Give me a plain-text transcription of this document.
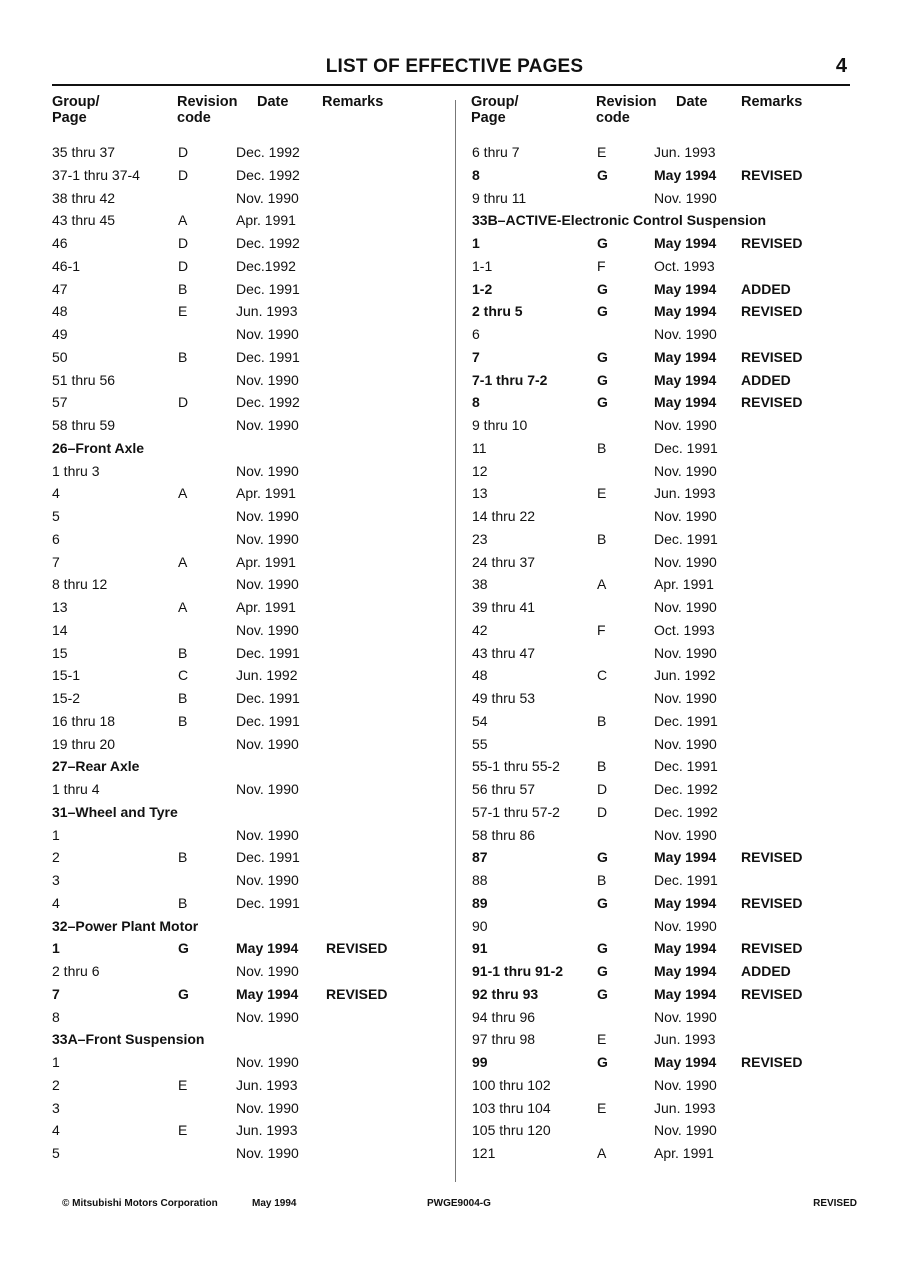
LIST OF EFFECTIVE PAGES	4
Group/
Page
Revision
code
Date Remarks	Group/
Page
Revision
code
Date Remarks
35 thru 37	D	Dec. 1992
37-1 thru 37-4	D	Dec. 1992
38 thru 42	Nov. 1990
43 thru 45	A	Apr. 1991
46	D	Dec. 1992
46-1	D	Dec.1992
47	B	Dec. 1991
48	E	Jun. 1993
49	Nov. 1990
50	B	Dec. 1991
51 thru 56	Nov. 1990
57	D	Dec. 1992
58 thru 59	Nov. 1990
26–Front Axle
1 thru 3	Nov. 1990
4	A	Apr. 1991
5	Nov. 1990
6	Nov. 1990
7	A	Apr. 1991
8 thru 12	Nov. 1990
13	A	Apr. 1991
14	Nov. 1990
15	B	Dec. 1991
15-1	C	Jun. 1992
15-2	B	Dec. 1991
16 thru 18	B	Dec. 1991
19 thru 20	Nov. 1990
27–Rear Axle
1 thru 4	Nov. 1990
31–Wheel and Tyre
1	Nov. 1990
2	B	Dec. 1991
3	Nov. 1990
4	B	Dec. 1991
32–Power Plant Motor
1	G	May 1994 REVISED
2 thru 6	Nov. 1990
7	G	May 1994 REVISED
8	Nov. 1990
33A–Front Suspension
1	Nov. 1990
2	E	Jun. 1993
3	Nov. 1990
4	E	Jun. 1993
5	Nov. 1990
6 thru 7	E	Jun. 1993
8	G	May 1994 REVISED
9 thru 11	Nov. 1990
33B–ACTIVE-Electronic Control Suspension
1	G	May 1994 REVISED
1-1	F	Oct. 1993
1-2	G	May 1994 ADDED
2 thru 5	G	May 1994 REVISED
6	Nov. 1990
7	G	May 1994 REVISED
7-1 thru 7-2	G	May 1994 ADDED
8	G	May 1994 REVISED
9 thru 10	Nov. 1990
11	B	Dec. 1991
12	Nov. 1990
13	E	Jun. 1993
14 thru 22	Nov. 1990
23	B	Dec. 1991
24 thru 37	Nov. 1990
38	A	Apr. 1991
39 thru 41	Nov. 1990
42	F	Oct. 1993
43 thru 47	Nov. 1990
48	C	Jun. 1992
49 thru 53	Nov. 1990
54	B	Dec. 1991
55	Nov. 1990
55-1 thru 55-2	B	Dec. 1991
56 thru 57	D	Dec. 1992
57-1 thru 57-2	D	Dec. 1992
58 thru 86	Nov. 1990
87	G	May 1994 REVISED
88	B	Dec. 1991
89	G	May 1994 REVISED
90	Nov. 1990
91	G	May 1994 REVISED
91-1 thru 91-2 G	May 1994 ADDED
92 thru 93	G	May 1994 REVISED
94 thru 96	Nov. 1990
97 thru 98	E	Jun. 1993
99	G	May 1994 REVISED
100 thru 102	Nov. 1990
103 thru 104	E	Jun. 1993
105 thru 120	Nov. 1990
121	A	Apr. 1991
© Mitsubishi Motors Corporation	May 1994	PWGE9004-G	REVISED
